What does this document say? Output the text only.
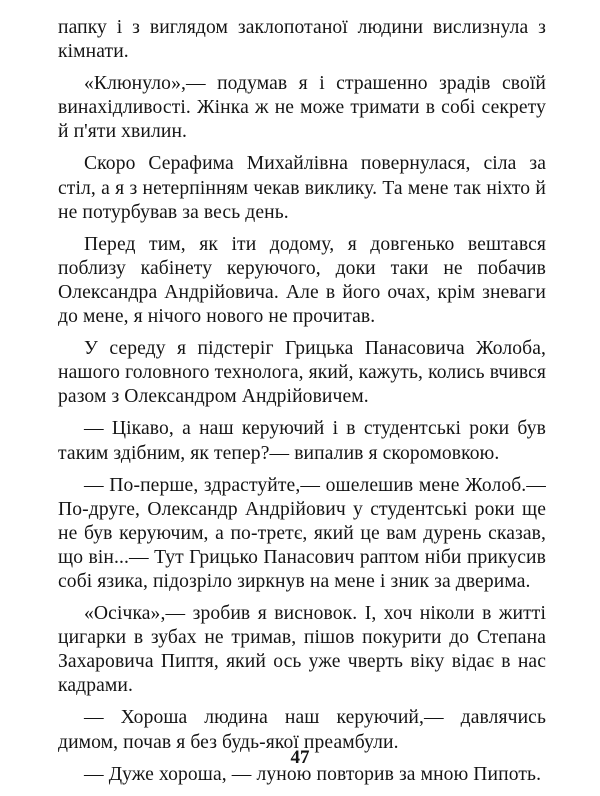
папку і з виглядом заклопотаної людини вислизнула з кімнати.

«Клюнуло»,— подумав я і страшенно зрадів своїй винахідливості. Жінка ж не може тримати в собі секрету й п'яти хвилин.

Скоро Серафима Михайлівна повернулася, сіла за стіл, а я з нетерпінням чекав виклику. Та мене так ніхто й не потурбував за весь день.

Перед тим, як іти додому, я довгенько вештався поблизу кабінету керуючого, доки таки не побачив Олександра Андрійовича. Але в його очах, крім зневаги до мене, я нічого нового не прочитав.

У середу я підстеріг Грицька Панасовича Жолоба, нашого головного технолога, який, кажуть, колись вчився разом з Олександром Андрійовичем.

— Цікаво, а наш керуючий і в студентські роки був таким здібним, як тепер?— випалив я скоромовкою.

— По-перше, здрастуйте,— ошелешив мене Жолоб.— По-друге, Олександр Андрійович у студентські роки ще не був керуючим, а по-третє, який це вам дурень сказав, що він...— Тут Грицько Панасович раптом ніби прикусив собі язика, підозріло зиркнув на мене і зник за дверима.

«Осічка»,— зробив я висновок. І, хоч ніколи в житті цигарки в зубах не тримав, пішов покурити до Степана Захаровича Пиптя, який ось уже чверть віку відає в нас кадрами.

— Хороша людина наш керуючий,— давлячись димом, почав я без будь-якої преамбули.

— Дуже хороша, — луною повторив за мною Пипоть.

47
